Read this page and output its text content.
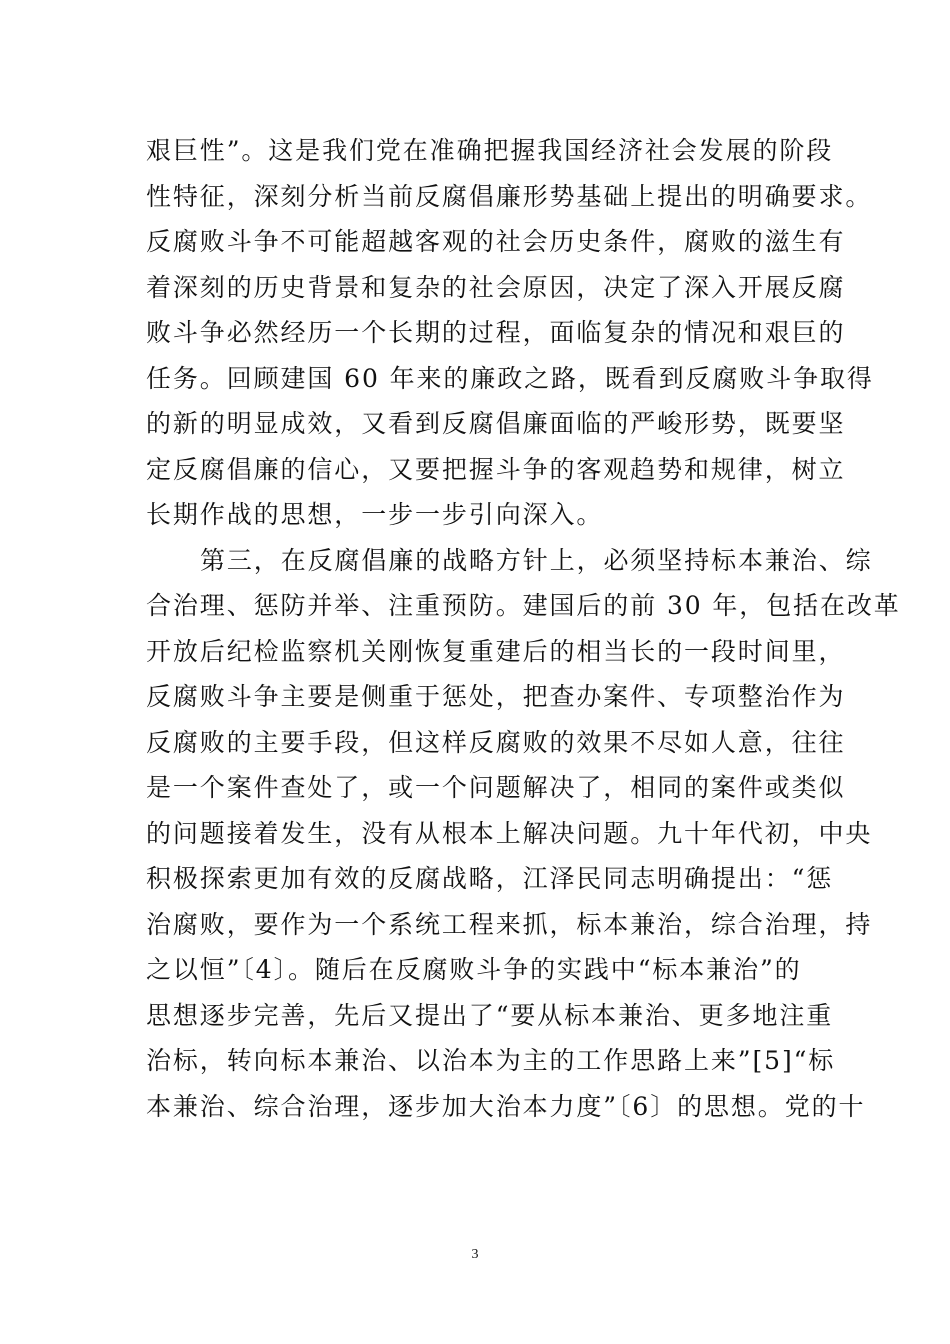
艰巨性”。这是我们党在准确把握我国经济社会发展的阶段
性特征，深刻分析当前反腐倡廉形势基础上提出的明确要求。
反腐败斗争不可能超越客观的社会历史条件，腐败的滋生有
着深刻的历史背景和复杂的社会原因，决定了深入开展反腐
败斗争必然经历一个长期的过程，面临复杂的情况和艰巨的
任务。回顾建国 60 年来的廉政之路，既看到反腐败斗争取得
的新的明显成效，又看到反腐倡廉面临的严峻形势，既要坚
定反腐倡廉的信心，又要把握斗争的客观趋势和规律，树立
长期作战的思想，一步一步引向深入。
第三，在反腐倡廉的战略方针上，必须坚持标本兼治、综
合治理、惩防并举、注重预防。建国后的前 30 年，包括在改革
开放后纪检监察机关刚恢复重建后的相当长的一段时间里，
反腐败斗争主要是侧重于惩处，把查办案件、专项整治作为
反腐败的主要手段，但这样反腐败的效果不尽如人意，往往
是一个案件查处了，或一个问题解决了，相同的案件或类似
的问题接着发生，没有从根本上解决问题。九十年代初，中央
积极探索更加有效的反腐战略，江泽民同志明确提出：“惩
治腐败，要作为一个系统工程来抓，标本兼治，综合治理，持
之以恒”〔4〕。随后在反腐败斗争的实践中“标本兼治”的
思想逐步完善，先后又提出了“要从标本兼治、更多地注重
治标，转向标本兼治、以治本为主的工作思路上来”[5]“标
本兼治、综合治理，逐步加大治本力度”〔6〕的思想。党的十
3
